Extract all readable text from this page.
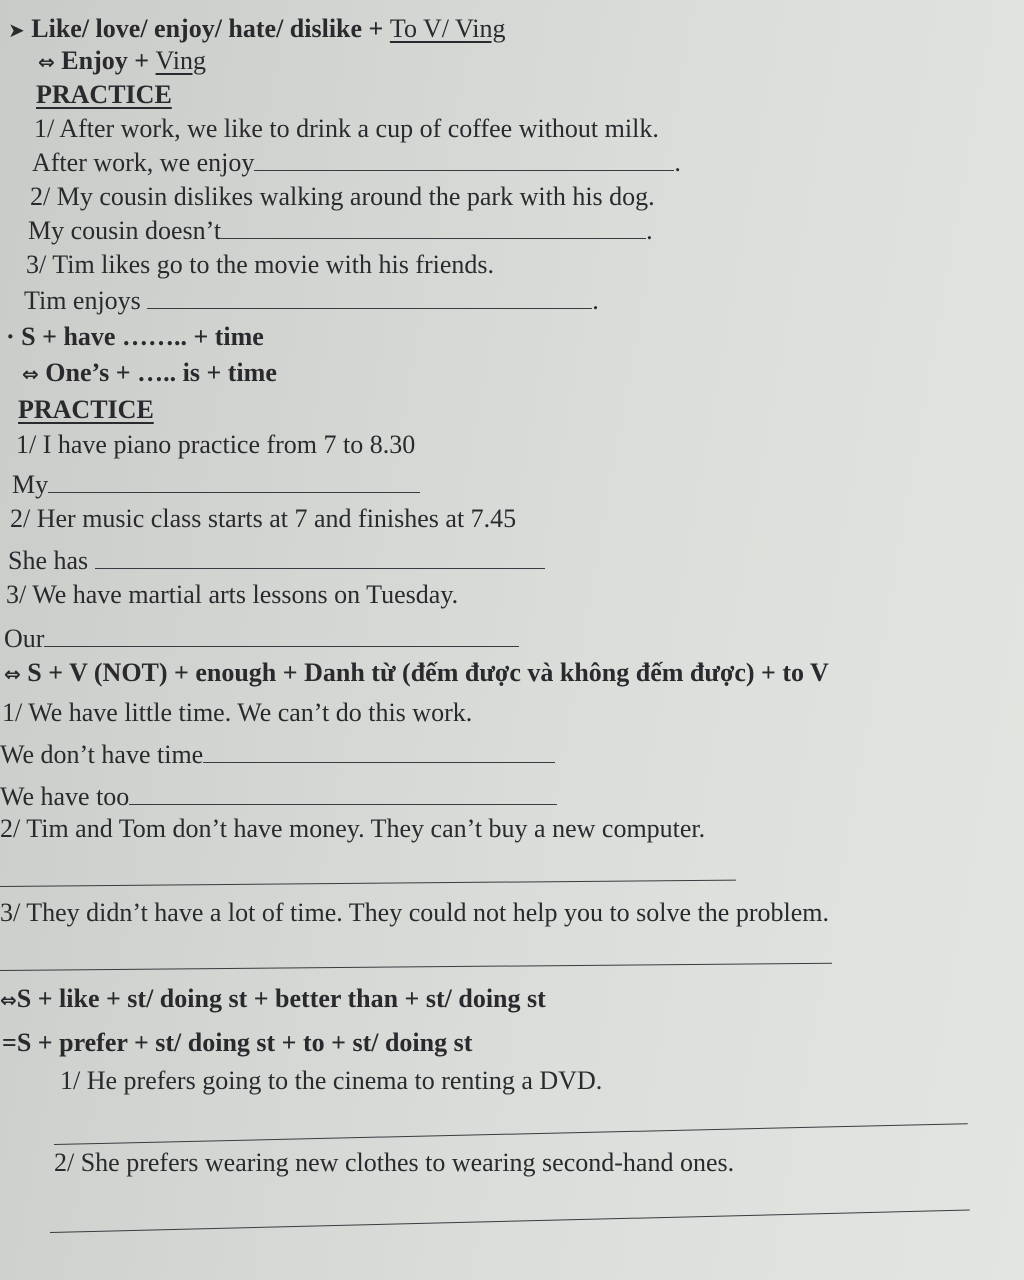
➤ Like/ love/ enjoy/ hate/ dislike + To V/ Ving
⇔ Enjoy + Ving
PRACTICE
1/ After work, we like to drink a cup of coffee without milk.
After work, we enjoy	.
2/ My cousin dislikes walking around the park with his dog.
My cousin doesn’t	.
3/ Tim likes go to the movie with his friends.
Tim enjoys	.
· S + have …….. + time
⇔ One’s + ….. is + time
PRACTICE
1/ I have piano practice from 7 to 8.30
My
2/ Her music class starts at 7 and finishes at 7.45
She has
3/ We have martial arts lessons on Tuesday.
Our
⇔ S + V (NOT) + enough + Danh từ (đếm được và không đếm được) + to V
1/ We have little time. We can’t do this work.
We don’t have time
We have too
2/ Tim and Tom don’t have money. They can’t buy a new computer.
3/ They didn’t have a lot of time. They could not help you to solve the problem.
⇔S + like + st/ doing st + better than + st/ doing st
=S + prefer + st/ doing st + to + st/ doing st
1/ He prefers going to the cinema to renting a DVD.
2/ She prefers wearing new clothes to wearing second-hand ones.
